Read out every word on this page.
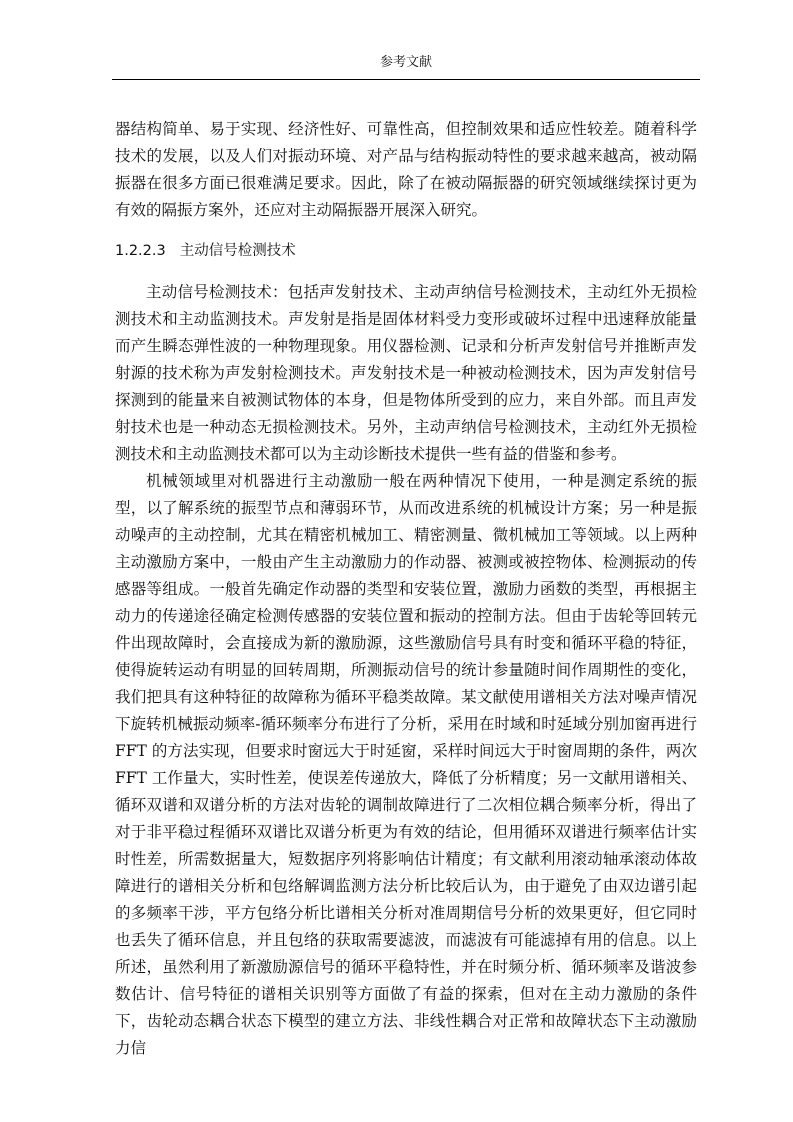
参考文献

器结构简单、易于实现、经济性好、可靠性高，但控制效果和适应性较差。随着科学技术的发展，以及人们对振动环境、对产品与结构振动特性的要求越来越高，被动隔振器在很多方面已很难满足要求。因此，除了在被动隔振器的研究领域继续探讨更为有效的隔振方案外，还应对主动隔振器开展深入研究。

1.2.2.3 主动信号检测技术

主动信号检测技术：包括声发射技术、主动声纳信号检测技术，主动红外无损检测技术和主动监测技术。声发射是指是固体材料受力变形或破坏过程中迅速释放能量而产生瞬态弹性波的一种物理现象。用仪器检测、记录和分析声发射信号并推断声发射源的技术称为声发射检测技术。声发射技术是一种被动检测技术，因为声发射信号探测到的能量来自被测试物体的本身，但是物体所受到的应力，来自外部。而且声发射技术也是一种动态无损检测技术。另外，主动声纳信号检测技术，主动红外无损检测技术和主动监测技术都可以为主动诊断技术提供一些有益的借鉴和参考。

机械领域里对机器进行主动激励一般在两种情况下使用，一种是测定系统的振型，以了解系统的振型节点和薄弱环节，从而改进系统的机械设计方案；另一种是振动噪声的主动控制，尤其在精密机械加工、精密测量、微机械加工等领域。以上两种主动激励方案中，一般由产生主动激励力的作动器、被测或被控物体、检测振动的传感器等组成。一般首先确定作动器的类型和安装位置，激励力函数的类型，再根据主动力的传递途径确定检测传感器的安装位置和振动的控制方法。但由于齿轮等回转元件出现故障时，会直接成为新的激励源，这些激励信号具有时变和循环平稳的特征，使得旋转运动有明显的回转周期，所测振动信号的统计参量随时间作周期性的变化，我们把具有这种特征的故障称为循环平稳类故障。某文献使用谱相关方法对噪声情况下旋转机械振动频率-循环频率分布进行了分析，采用在时域和时延域分别加窗再进行 FFT 的方法实现，但要求时窗远大于时延窗，采样时间远大于时窗周期的条件，两次 FFT 工作量大，实时性差，使误差传递放大，降低了分析精度；另一文献用谱相关、循环双谱和双谱分析的方法对齿轮的调制故障进行了二次相位耦合频率分析，得出了对于非平稳过程循环双谱比双谱分析更为有效的结论，但用循环双谱进行频率估计实时性差，所需数据量大，短数据序列将影响估计精度；有文献利用滚动轴承滚动体故障进行的谱相关分析和包络解调监测方法分析比较后认为，由于避免了由双边谱引起的多频率干涉，平方包络分析比谱相关分析对准周期信号分析的效果更好，但它同时也丢失了循环信息，并且包络的获取需要滤波，而滤波有可能滤掉有用的信息。以上所述，虽然利用了新激励源信号的循环平稳特性，并在时频分析、循环频率及谐波参数估计、信号特征的谱相关识别等方面做了有益的探索，但对在主动力激励的条件下，齿轮动态耦合状态下模型的建立方法、非线性耦合对正常和故障状态下主动激励力信
